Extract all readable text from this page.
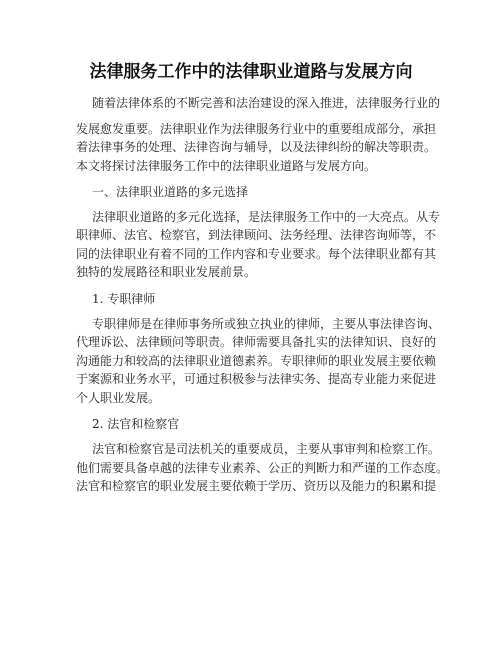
法律服务工作中的法律职业道路与发展方向
随着法律体系的不断完善和法治建设的深入推进，法律服务行业的
发展愈发重要。法律职业作为法律服务行业中的重要组成部分，承担
着法律事务的处理、法律咨询与辅导，以及法律纠纷的解决等职责。
本文将探讨法律服务工作中的法律职业道路与发展方向。
一、法律职业道路的多元选择
法律职业道路的多元化选择，是法律服务工作中的一大亮点。从专
职律师、法官、检察官，到法律顾问、法务经理、法律咨询师等，不
同的法律职业有着不同的工作内容和专业要求。每个法律职业都有其
独特的发展路径和职业发展前景。
1. 专职律师
专职律师是在律师事务所或独立执业的律师，主要从事法律咨询、
代理诉讼、法律顾问等职责。律师需要具备扎实的法律知识、良好的
沟通能力和较高的法律职业道德素养。专职律师的职业发展主要依赖
于案源和业务水平，可通过积极参与法律实务、提高专业能力来促进
个人职业发展。
2. 法官和检察官
法官和检察官是司法机关的重要成员，主要从事审判和检察工作。
他们需要具备卓越的法律专业素养、公正的判断力和严谨的工作态度。
法官和检察官的职业发展主要依赖于学历、资历以及能力的积累和提
